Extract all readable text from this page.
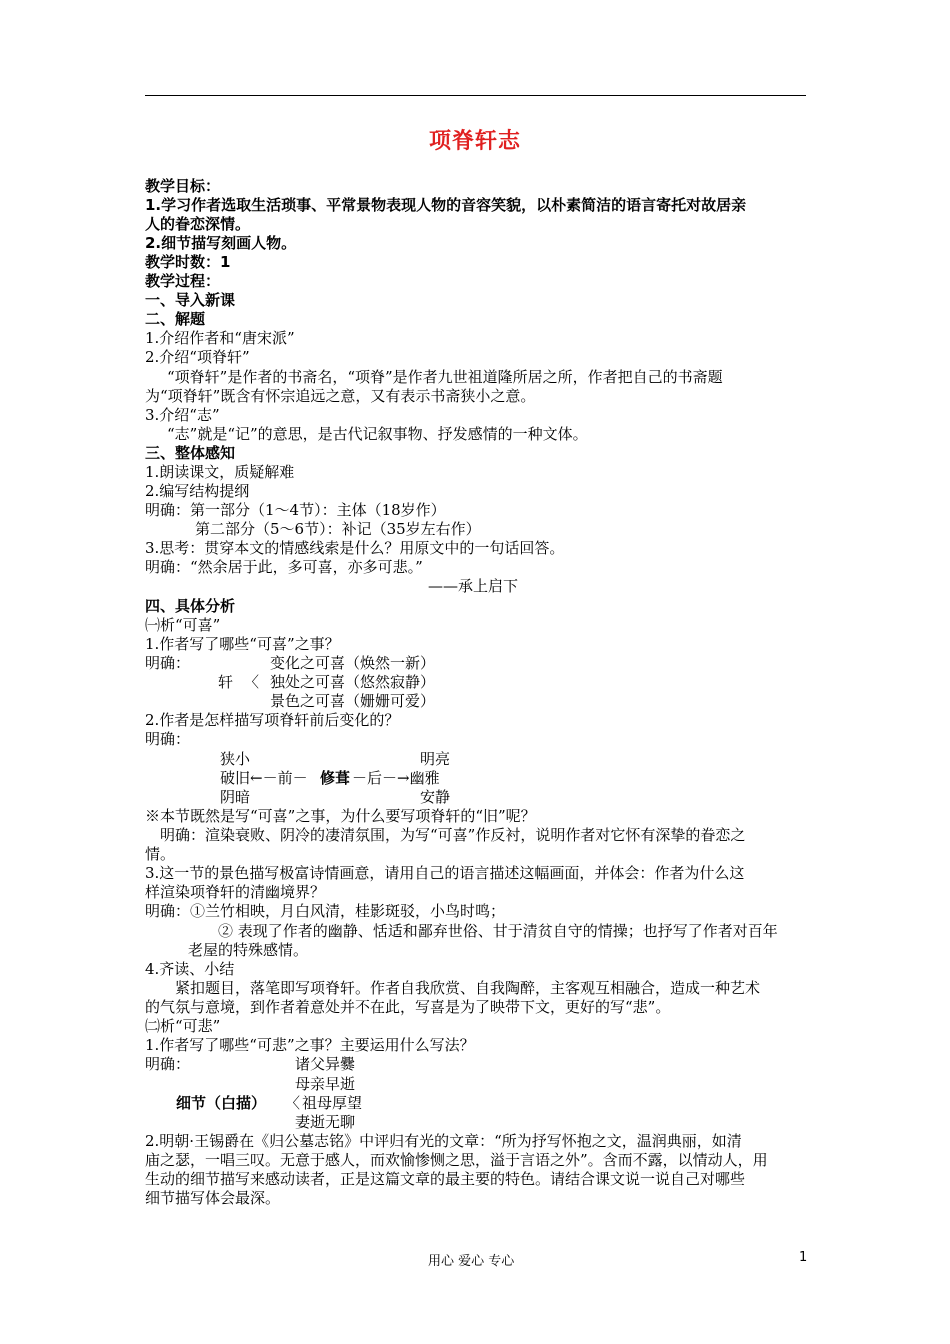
项脊轩志
教学目标：
1.学习作者选取生活琐事、平常景物表现人物的音容笑貌，以朴素简洁的语言寄托对故居亲
人的眷恋深情。
2.细节描写刻画人物。
教学时数：1
教学过程：
一、导入新课
二、解题
1.介绍作者和“唐宋派”
2.介绍“项脊轩”
“项脊轩”是作者的书斋名，“项脊”是作者九世祖道隆所居之所，作者把自己的书斋题
为“项脊轩”既含有怀宗追远之意，又有表示书斋狭小之意。
3.介绍“志”
“志”就是“记”的意思，是古代记叙事物、抒发感情的一种文体。
三、整体感知
1.朗读课文，质疑解难
2.编写结构提纲
明确：第一部分（1～4节）：主体（18岁作）
第二部分（5～6节）：补记（35岁左右作）
3.思考：贯穿本文的情感线索是什么？用原文中的一句话回答。
明确：“然余居于此，多可喜，亦多可悲。”
——承上启下
四、具体分析
㈠析“可喜”
1.作者写了哪些“可喜”之事？
明确：	变化之可喜（焕然一新）
轩 〈 独处之可喜（悠然寂静）
景色之可喜（姗姗可爱）
2.作者是怎样描写项脊轩前后变化的？
明确：
狭小	明亮
破旧←－前－ 修葺 －后－→幽雅
阴暗	安静
※本节既然是写“可喜”之事，为什么要写项脊轩的“旧”呢？
明确：渲染衰败、阴冷的凄清氛围，为写“可喜”作反衬，说明作者对它怀有深挚的眷恋之
情。
3.这一节的景色描写极富诗情画意，请用自己的语言描述这幅画面，并体会：作者为什么这
样渲染项脊轩的清幽境界？
明确：①兰竹相映，月白风清，桂影斑驳，小鸟时鸣；
② 表现了作者的幽静、恬适和鄙弃世俗、甘于清贫自守的情操；也抒写了作者对百年
老屋的特殊感情。
4.齐读、小结
紧扣题目，落笔即写项脊轩。作者自我欣赏、自我陶醉，主客观互相融合，造成一种艺术
的气氛与意境，到作者着意处并不在此，写喜是为了映带下文，更好的写“悲”。
㈡析“可悲”
1.作者写了哪些“可悲”之事？主要运用什么写法？
明确：	诸父异爨
母亲早逝
细节（白描） 〈 祖母厚望
妻逝无聊
2.明朝·王锡爵在《归公墓志铭》中评归有光的文章：“所为抒写怀抱之文，温润典丽，如清
庙之瑟，一唱三叹。无意于感人，而欢愉惨恻之思，溢于言语之外”。含而不露，以情动人，用
生动的细节描写来感动读者，正是这篇文章的最主要的特色。请结合课文说一说自己对哪些
细节描写体会最深。
用心 爱心 专心	1
